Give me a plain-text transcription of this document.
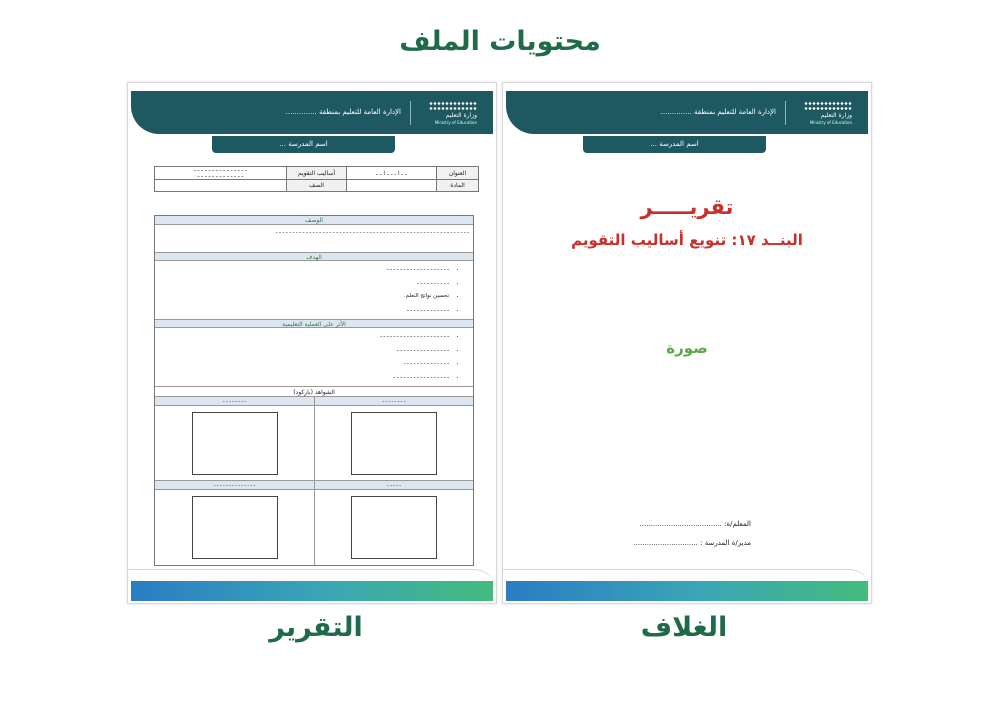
محتويات الملف
وزارة التعليم
Ministry of Education
الإدارة العامة للتعليم بمنطقة ..............
اسم المدرسة ...
العنوان	ـ ـ ا ـ ـ ـ ا ـ ـ	أساليب التقويم	ـ ـ ـ ـ ـ ـ ـ ـ ـ ـ ـ ـ ـ ـ ـ
ـ ـ ـ ـ ـ ـ ـ ـ ـ ـ ـ ـ ـ

المادة		الصف	
الوصف
ـ ـ ـ ـ ـ ـ ـ ـ ـ ـ ـ ـ ـ ـ ـ ـ ـ ـ ـ ـ ـ ـ ـ ـ ـ ـ ـ ـ ـ ـ ـ ـ ـ ـ ـ ـ ـ ـ ـ ـ ـ ـ ـ ـ ـ ـ ـ ـ ـ ـ ـ ـ ـ ـ ـ ـ ـ ـ
الهدف
• ـ ـ ـ ـ ـ ـ ـ ـ ـ ـ ـ ـ ـ ـ ـ ـ ـ ـ ـ
• ـ ـ ـ ـ ـ ـ ـ ـ ـ ـ
• تحسين نواتج التعلم.
• ـ ـ ـ ـ ـ ـ ـ ـ ـ ـ ـ ـ ـ
الأثر على العملية التعليمية
• ـ ـ ـ ـ ـ ـ ـ ـ ـ ـ ـ ـ ـ ـ ـ ـ ـ ـ ـ ـ ـ
• ـ ـ ـ ـ ـ ـ ـ ـ ـ ـ ـ ـ ـ ـ ـ ـ
• ـ ـ ـ ـ ـ ـ ـ ـ ـ ـ ـ ـ ـ ـ
• ـ ـ ـ ـ ـ ـ ـ ـ ـ ـ ـ ـ ـ ـ ـ ـ ـ
الشواهد (باركود)
ـ ـ ـ ـ ـ ـ ـ ـ
ـ ـ ـ ـ ـ ـ ـ ـ
ـ ـ ـ ـ ـ
ـ ـ ـ ـ ـ ـ ـ ـ ـ ـ ـ ـ ـ ـ
وزارة التعليم
Ministry of Education
الإدارة العامة للتعليم بمنطقة ..............
اسم المدرسة ...
تقريـــــر
البنــد ١٧: تنويع أساليب التقويم
صورة
المعلم/ة: .....................................
مدير/ة المدرسة : .............................
التقرير	الغلاف
